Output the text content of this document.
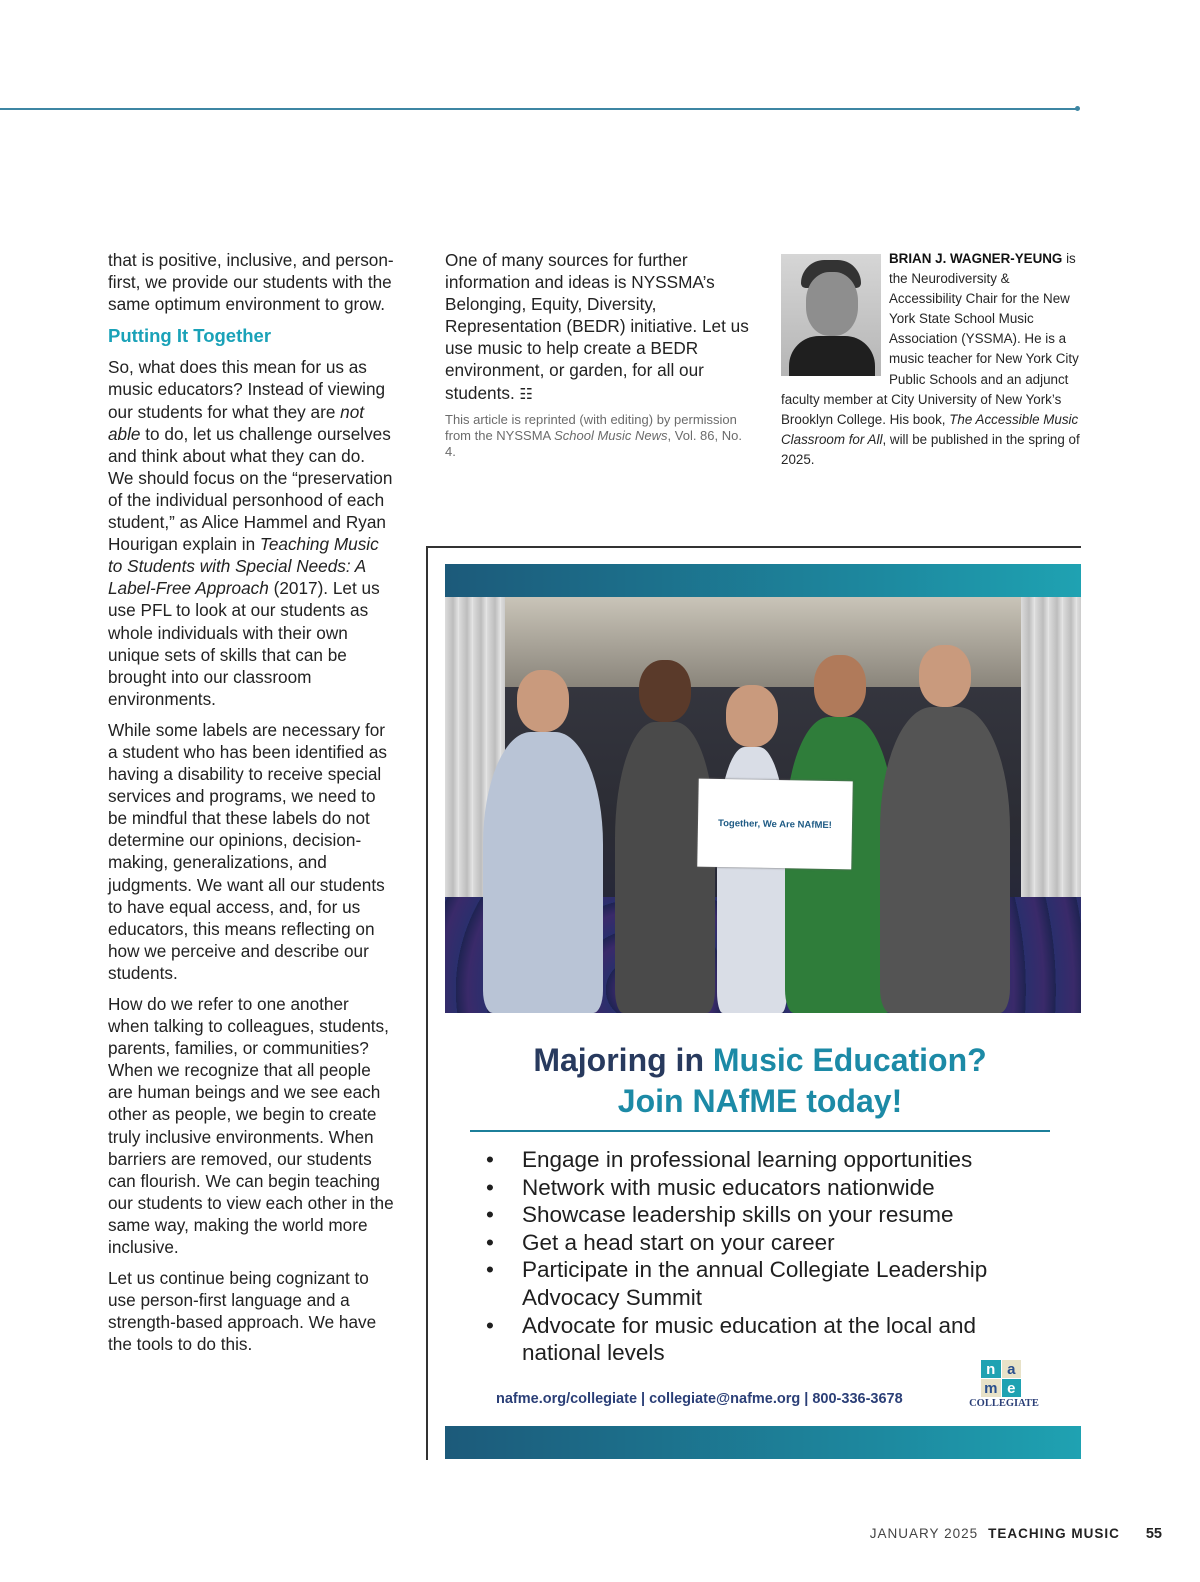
that is positive, inclusive, and person-first, we provide our students with the same optimum environment to grow.

Putting It Together

So, what does this mean for us as music educators? Instead of viewing our students for what they are not able to do, let us challenge ourselves and think about what they can do. We should focus on the “preservation of the individual personhood of each student,” as Alice Hammel and Ryan Hourigan explain in Teaching Music to Students with Special Needs: A Label-Free Approach (2017). Let us use PFL to look at our students as whole individuals with their own unique sets of skills that can be brought into our classroom environments.

While some labels are necessary for a student who has been identified as having a disability to receive special services and programs, we need to be mindful that these labels do not determine our opinions, decision-making, generalizations, and judgments. We want all our students to have equal access, and, for us educators, this means reflecting on how we perceive and describe our students.

How do we refer to one another when talking to colleagues, students, parents, families, or communities? When we recognize that all people are human beings and we see each other as people, we begin to create truly inclusive environments. When barriers are removed, our students can flourish. We can begin teaching our students to view each other in the same way, making the world more inclusive.

Let us continue being cognizant to use person-first language and a strength-based approach. We have the tools to do this.

One of many sources for further information and ideas is NYSSMA’s Belonging, Equity, Diversity, Representation (BEDR) initiative. Let us use music to help create a BEDR environment, or garden, for all our students. ☷

This article is reprinted (with editing) by permission from the NYSSMA School Music News, Vol. 86, No. 4.

BRIAN J. WAGNER-YEUNG is the Neurodiversity & Accessibility Chair for the New York State School Music Association (YSSMA). He is a music teacher for New York City Public Schools and an adjunct faculty member at City University of New York’s Brooklyn College. His book, The Accessible Music Classroom for All, will be published in the spring of 2025.
Together, We Are NAfME!
Majoring in Music Education?
Join NAfME today!
• Engage in professional learning opportunities
• Network with music educators nationwide
• Showcase leadership skills on your resume
• Get a head start on your career
• Participate in the annual Collegiate Leadership Advocacy Summit
• Advocate for music education at the local and national levels
nafme.org/collegiate | collegiate@nafme.org | 800-336-3678
n a
m e
COLLEGIATE
JANUARY 2025 TEACHING MUSIC 55
